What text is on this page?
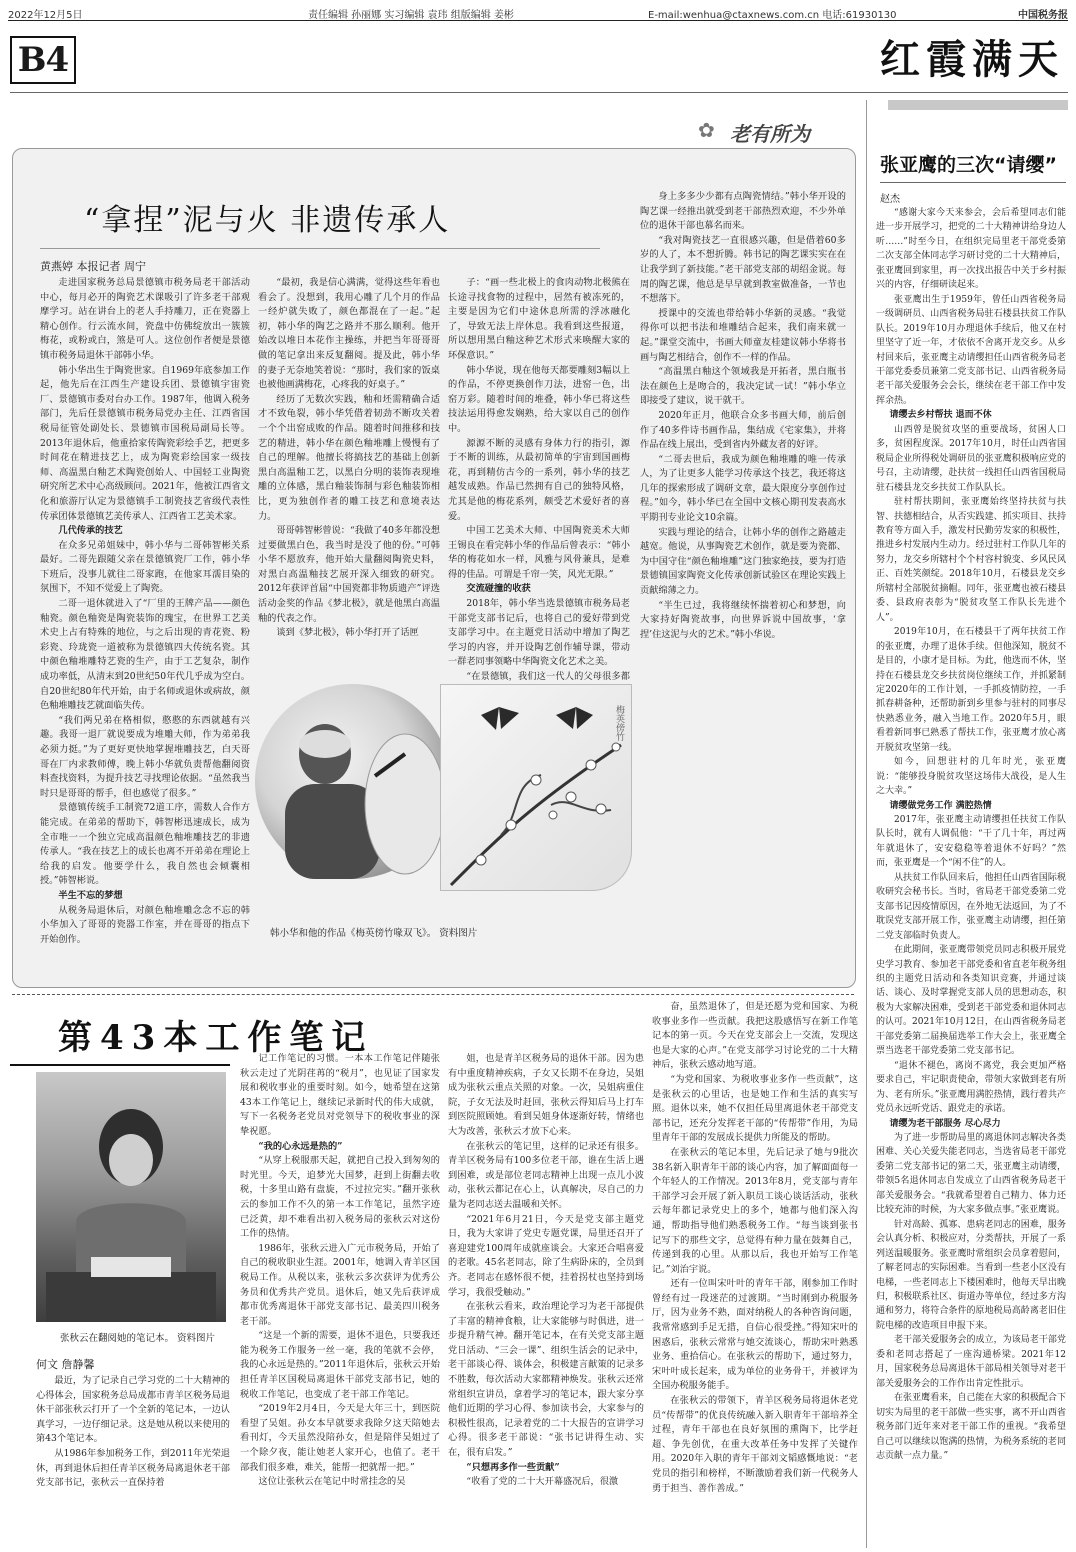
2022年12月5日	责任编辑 孙丽娜 实习编辑 袁玮 组版编辑 姜彬	E-mail:wenhua@ctaxnews.com.cn 电话:61930130	中国税务报
B4	红霞满天
✿ 老有所为
“拿捏”泥与火 非遗传承人
黄燕婷 本报记者 周宁

走进国家税务总局景德镇市税务局老干部活动中心，每月必开的陶瓷艺术课吸引了许多老干部观摩学习。站在讲台上的老人手持雕刀，正在瓷器上精心创作。行云流水间，瓷盘中仿佛绽放出一簇簇梅花，或粉或白，煞是可人。这位创作者便是景德镇市税务局退休干部韩小华。

韩小华出生于陶瓷世家。自1969年底参加工作起，他先后在江西生产建设兵团、景德镇宇宙瓷厂、景德镇市委对台办工作。1987年，他调入税务部门，先后任景德镇市税务局党办主任、江西省国税局征管处副处长、景德镇市国税局副局长等。2013年退休后，他重拾家传陶瓷彩绘手艺，把更多时间花在精进技艺上，成为陶瓷彩绘国家一级技师、高温黑白釉艺术陶瓷创始人、中国轻工业陶瓷研究所艺术中心高级顾问。2021年，他被江西省文化和旅游厅认定为景德镇手工制瓷技艺省级代表性传承团体景德镇艺美传承人、江西省工艺美术家。

几代传承的技艺

在众多兄弟姐妹中，韩小华与二哥韩智彬关系最好。二哥先跟随父亲在景德镇瓷厂工作，韩小华下班后，没事儿就往二哥家跑，在他家耳濡目染的氛围下，不知不觉爱上了陶瓷。

二哥一退休就进入了“厂里的王牌产品——颜色釉瓷。颜色釉瓷是陶瓷装饰的瑰宝，在世界工艺美术史上占有特殊的地位，与之后出现的青花瓷、粉彩瓷、玲珑瓷一道被称为景德镇四大传统名瓷。其中颜色釉堆雕特艺瓷的生产，由于工艺复杂，制作成功率低，从清末到20世纪50年代几乎成为空白。自20世纪80年代开始，由于名师或退休或病故，颜色釉堆雕技艺就面临失传。

“我们两兄弟在格相似，憨憨的东西就越有兴趣。我哥一退厂就说要成为堆雕大师，作为弟弟我必须力挺。”为了更好更快地掌握堆雕技艺，白天哥哥在厂内求教师傅，晚上韩小华就负责帮他翻阅资料查找资料，为提升技艺寻找理论依据。“虽然我当时只是哥哥的帮手，但也感觉了很多。”

景德镇传统手工制瓷72道工序，需数人合作方能完成。在弟弟的帮助下，韩智彬迅速成长，成为全市唯一一个独立完成高温颜色釉堆雕技艺的非遗传承人。“我在技艺上的成长也离不开弟弟在理论上给我的启发。他要学什么，我自然也会倾囊相授。”韩智彬说。

半生不忘的梦想

从税务局退休后，对颜色釉堆雕念念不忘的韩小华加入了哥哥的瓷器工作室，并在哥哥的指点下开始创作。

“最初，我是信心满满，觉得这些年看也看会了。没想到，我用心雕了几个月的作品一经炉就失败了，颜色都混在了一起。”起初，韩小华的陶艺之路并不那么顺利。他开始改以堆日本花作主操练，并把当年哥哥哥做的笔记拿出来反复翻阅。提及此，韩小华的妻子无奈地笑着说：“那时，我们家的饭桌也被他画满梅花，心疼我的好桌子。”

经历了无数次实践，釉和坯需精确合适才不致龟裂，韩小华凭借着韧劲不断攻关着一个个出窑成败的作品。随着时间推移和技艺的精进，韩小华在颜色釉堆雕上慢慢有了自己的理解。他擅长将搞技艺的基础上创新黑白高温釉工艺，以黑白分明的装饰表现堆雕的立体感，黑白釉装饰制与彩色釉装饰相比，更为独创作者的雕工技艺和意境表达力。

哥哥韩智彬曾说：“我做了40多年都没想过要做黑白色，我当时是没了他的份。”可韩小华不愿放弃，他开始大量翻阅陶瓷史料，对黑白高温釉技艺展开深入细致的研究。2012年获评首届“中国瓷都非物质遗产”评选活动金奖的作品《梦北极》，就是他黑白高温釉的代表之作。

谈到《梦北极》，韩小华打开了话匣

子：“画一些北极上的食肉动物北极熊在长途寻找食物的过程中，居然有被冻死的，主要是因为它们中途休息所需的浮冰融化了，导致无法上岸休息。我看到这些报道，所以想用黑白釉这种艺术形式来唤醒大家的环保意识。”

韩小华说，现在他每天都要雕刻3幅以上的作品，不停更换创作刀法，进窑一色，出窑万彩。随着时间的堆叠，韩小华已将这些技法运用得愈发娴熟，给大家以自己的创作中。

源源不断的灵感有身体力行的指引，源于不断的训练，从最初简单的宇宙到国画梅花，再到精仿古今的一系列，韩小华的技艺越发成熟。作品已然拥有自己的独特风格，尤其是他的梅花系列，颇受艺术爱好者的喜爱。

中国工艺美术大师、中国陶瓷美术大师王锡良在看完韩小华的作品后曾表示：“韩小华的梅花如水一样，风雅与风骨兼具，是难得的佳品。可谓是千帘一笑，风光无限。”

交流碰撞的收获

2018年，韩小华当选景德镇市税务局老干部党支部书记后，也将自己的爱好带到党支部学习中。在主题党日活动中增加了陶艺学习的内容，并开设陶艺创作辅导课，带动一群老同事领略中华陶瓷文化艺术之美。

“在景德镇，我们这一代人的父母很多都

身上多多少少都有点陶瓷情结。”韩小华开设的陶艺课一经推出就受到老干部热烈欢迎，不少外单位的退休干部也慕名而来。

“我对陶瓷技艺一直很感兴趣，但是借着60多岁的人了，本不想折腾。韩书记的陶艺课实实在在让我学到了新技能。”老干部党支部的胡绍金说。每周的陶艺课，他总是早早就到教室做准备，一节也不想落下。

授课中的交流也带给韩小华新的灵感。“我觉得你可以把书法和堆雕结合起来，我们南来就一起。”课堂交流中，书画大师童友桂建议韩小华将书画与陶艺相结合，创作不一样的作品。

“高温黑白釉这个领域我是开拓者，黑白瓶书法在颜色上是吻合的，我决定试一试！”韩小华立即接受了建议，说干就干。

2020年正月，他联合众多书画大师，前后创作了40多件诗书画作品，集结成《宅家集》，并将作品在线上展出，受到省内外藏友者的好评。

“二哥去世后，我成为颜色釉堆雕的唯一传承人，为了让更多人能学习传承这个技艺，我还将这几年的探索形成了调研文章，最大限度分享创作过程。”如今，韩小华已在全国中文核心期刊发表高水平期刊专业论文10余篇。

实践与理论的结合，让韩小华的创作之路越走越宽。他说，从事陶瓷艺术创作，就是要为瓷都、为中国守住“颜色釉堆雕”这门独家绝技，要为打造景德镇国家陶瓷文化传承创新试验区在理论实践上贡献绵薄之力。

“半生已过，我将继续怀揣着初心和梦想，向大家持好陶瓷故事，向世界诉说中国故事，‘拿捏’住这泥与火的艺术。”韩小华说。

梅英傍竹
韩小华和他的作品《梅英傍竹喙双飞》。 资料图片
第43本工作笔记
张秋云在翻阅她的笔记本。 资料图片
何文 詹静馨

最近，为了记录自己学习党的二十大精神的心得体会，国家税务总局成都市青羊区税务局退休干部张秋云打开了一个全新的笔记本，一边认真学习，一边仔细记录。这是她从税以来使用的第43个笔记本。

从1986年参加税务工作，到2011年光荣退休，再到退休后担任青羊区税务局离退休老干部党支部书记，张秋云一直保持着

记工作笔记的习惯。一本本工作笔记伴随张秋云走过了光阴荏苒的“税月”，也见证了国家发展和税收事业的重要时刻。如今，她希望在这第43本工作笔记上，继续记录新时代的伟大成就，写下一名税务老党员对党领导下的税收事业的深挚祝愿。

“我的心永远是热的”

“从穿上税服那天起，就把自己投入到匆匆的时光里。今天，追梦光大国梦，赶到上街翻去收税，十多里山路有盘旋，不过拉完实。”翻开张秋云的参加工作不久的第一本工作笔记，虽然字迹已泛黄，却不难看出初入税务局的张秋云对这份工作的热情。

1986年，张秋云进入广元市税务局，开始了自己的税收职业生涯。2001年，她调入青羊区国税局工作。从税以来，张秋云多次获评为优秀公务员和优秀共产党员。退休后，她又先后获评成都市优秀离退休干部党支部书记、最美四川税务老干部。

“这是一个新的需要，退休不退色，只要我还能为税务工作服务一丝一毫，我的笔就不会停，我的心永远是热的。”2011年退休后，张秋云开始担任青羊区国税局离退休干部党支部书记，她的税收工作笔记，也变成了老干部工作笔记。

“2019年2月4日，今天是大年三十，到医院看望了吴姐。孙女本早就要求我除夕这天陪她去看刊灯，今天虽然没陪孙女，但是陪伴吴姐过了一个除夕夜，能让她老人家开心，也值了。老干部我们很多难，难关，能帮一把就帮一把。”

这位让张秋云在笔记中时常挂念的吴

姐，也是青羊区税务局的退休干部。因为患有中重度精神疾病，子女又长期不在身边，吴姐成为张秋云重点关照的对象。一次，吴姐病重住院，子女无法及时赶回，张秋云得知后马上打车到医院照顾她。看到吴姐身体逐渐好转，情绪也大为改善，张秋云才放下心来。

在张秋云的笔记里，这样的记录还有很多。青羊区税务局有100多位老干部，谁在生活上遇到困难，或是部位老同志精神上出现一点儿小波动，张秋云都记在心上，认真解决，尽自己的力量为老同志送去温暖和关怀。

“2021年6月21日，今天是党支部主题党日，我为大家讲了党史专题党课，局里还召开了喜迎建党100周年成就座谈会。大家还合唱喜爱的老歌。45名老同志，除了生病卧床的，全员到齐。老同志在感怀很不便，挂着拐杖也坚持到场学习，我很受触动。”

在张秋云看来，政治理论学习为老干部提供了丰富的精神食粮，让大家能够与时俱进，进一步提升精气神。翻开笔记本，在有关党支部主题党日活动、“三会一课”、组织生活会的记录中，老干部谈心得、谈体会，积极建言献策的记录多不胜数，每次活动大家都精神焕发。张秋云还常常组织宣讲员，拿着学习的笔记本，跟大家分享他们近期的学习心得、参加读书会，大家参与的积极性很高，记录着党的二十大报告的宣讲学习心得。很多老干部说：“张书记讲得生动、实在，很有启发。”

“只想再多作一些贡献”

“收看了党的二十大开幕盛况后，很激

奋，虽然退休了，但是还愿为党和国家、为税收事业多作一些贡献。我把这股感悟写在新工作笔记本的第一页。今天在党支部会上一交流，发现这也是大家的心声。”在党支部学习讨论党的二十大精神后，张秋云感动地写道。

“为党和国家、为税收事业多作一些贡献”，这是张秋云的心里话，也是她工作和生活的真实写照。退休以来，她不仅担任局里离退休老干部党支部书记，还充分发挥老干部的“传帮带”作用，为局里青年干部的发展成长提供力所能及的帮助。

在张秋云的笔记本里，先后记录了她与9批次38名新入职青年干部的谈心内容，加了解面面每一个年轻人的工作情况。2013年8月，党支部与青年干部学习会开展了新入职员工谈心谈话活动，张秋云每年都记录党史上的多个，她都与他们深入沟通，帮助指导他们熟悉税务工作。“每当谈到张书记写下的那些文字，总觉得有种力量在鼓舞自己，传递到我的心里。从那以后，我也开始写工作笔记。”刘治宇说。

还有一位叫宋叶叶的青年干部，刚参加工作时曾经有过一段迷茫的过渡期。“当时刚到办税服务厅，因为业务不熟，面对纳税人的各种咨询问题，我常常感到手足无措，自信心很受挫。”得知宋叶的困惑后，张秋云常常与她交流谈心，帮助宋叶熟悉业务、重拾信心。在张秋云的帮助下，通过努力，宋叶叶成长起来，成为单位的业务骨干，并被评为全国办税服务能手。

在张秋云的带领下，青羊区税务局将退休老党员“传帮带”的优良传统融入新入职青年干部培养全过程，青年干部也在良好氛围的熏陶下，比学赶超、争先创优，在重大改革任务中发挥了关键作用。2020年入职的青年干部刘文韬感慨地说：“老党员的指引和榜样，不断激励着我们新一代税务人勇于担当、善作善成。”

张亚鹰的三次“请缨”
赵杰

“感谢大家今天来参会，会后希望同志们能进一步开展学习，把党的二十大精神讲给身边人听……”时至今日，在组织完局里老干部党委第二次支部全体同志学习研讨党的二十大精神后，张亚鹰回到家里，再一次找出报告中关于乡村振兴的内容，仔细研读起来。

张亚鹰出生于1959年，曾任山西省税务局一级调研员、山西省税务局驻石楼县扶贫工作队队长。2019年10月办理退休手续后，他又在村里坚守了近一年，才依依不舍离开龙交乡。从乡村回来后，张亚鹰主动请缨担任山西省税务局老干部党委委员兼第二党支部书记、山西省税务局老干部关爱服务会会长，继续在老干部工作中发挥余热。

请缨去乡村帮扶 退而不休

山西曾是脱贫攻坚的重要战场，贫困人口多，贫困程度深。2017年10月，时任山西省国税局企业所得税处调研员的张亚鹰积极响应党的号召，主动请缨，赴扶贫一线担任山西省国税局驻石楼县龙交乡扶贫工作队队长。

驻村帮扶期间，张亚鹰始终坚持扶贫与扶智、扶德相结合，从否实践建、抓实项目、扶持教育等方面入手，激发村民勤劳发家的积极性，推进乡村发展内生动力。经过驻村工作队几年的努力，龙交乡所辖村个个村容村貌变、乡风民风正、百姓笑颜绽。2018年10月，石楼县龙交乡所辖村全部脱贫摘帽。同年，张亚鹰也被石楼县委、县政府表彰为“脱贫攻坚工作队长先进个人”。

2019年10月，在石楼县干了两年扶贫工作的张亚鹰，办理了退休手续。但他深知，脱贫不是目的，小康才是目标。为此，他选而不休，坚持在石楼县龙交乡扶贫岗位继续工作，并抓紧制定2020年的工作计划，一手抓疫情防控，一手抓春耕备种，还帮助新到乡里参与驻村的同事尽快熟悉业务，融入当地工作。2020年5月，眼看着新同事已熟悉了帮扶工作，张亚鹰才放心离开脱贫攻坚第一线。

如今，回想驻村的几年时光，张亚鹰说：“能够投身脱贫攻坚这场伟大战役，是人生之大幸。”

请缨做党务工作 满腔热情

2017年，张亚鹰主动请缨担任扶贫工作队队长时，就有人调侃他：“干了几十年，再过两年就退休了，安安稳稳等着退休不好吗？”然而，张亚鹰是一个“闲不住”的人。

从扶贫工作队回来后，他担任山西省国际税收研究会秘书长。当时，省局老干部党委第二党支部书记因疫情原因，在外地无法返回，为了不耽误党支部开展工作，张亚鹰主动请缨，担任第二党支部临时负责人。

在此期间，张亚鹰带领党员同志积极开展党史学习教育、参加老干部党委和省直老年税务组织的主题党日活动和各类知识竞赛，并通过谈话、谈心、及时掌握党支部人员的思想动态，积极为大家解决困难，受到老干部党委和退休同志的认可。2021年10月12日，在山西省税务局老干部党委第二届换届选举工作大会上，张亚鹰全票当选老干部党委第二党支部书记。

“退休不褪色，离岗不离党，我会更加严格要求自己，牢记职责使命，带领大家做到老有所为、老有所乐。”张亚鹰用满腔热情，践行着共产党员永远听党话、跟党走的承诺。

请缨为老干部服务 尽心尽力

为了进一步帮助局里的离退休同志解决各类困难、关心关爱失能老同志，当选省局老干部党委第二党支部书记的第二天，张亚鹰主动请缨，带领5名退休同志自发成立了山西省税务局老干部关爱服务会。“我就希望着自己精力、体力还比较充沛的时候，为大家多做点事。”张亚鹰说。

针对高龄、孤寡、患病老同志的困难，服务会认真分析、积极应对，分类帮扶，开展了一系列送温暖服务。张亚鹰时常组织会员拿着慰问，了解老同志的实际困难。当看到一些老小区没有电梯，一些老同志上下楼困难时，他每天早出晚归，积极联系社区、街道办等单位，经过多方沟通和努力，将符合条件的原地税局高龄离老旧住院电梯的改造项目申报下来。

老干部关爱服务会的成立，为该局老干部党委和老同志搭起了一座沟通桥梁。2021年12月，国家税务总局离退休干部局相关领导对老干部关爱服务会的工作作出肯定性批示。

在张亚鹰看来，自己能在大家的积极配合下切实为局里的老干部做一些实事，离不开山西省税务部门近年来对老干部工作的重视。“我希望自己可以继续以饱满的热情，为税务系统的老同志贡献一点力量。”
